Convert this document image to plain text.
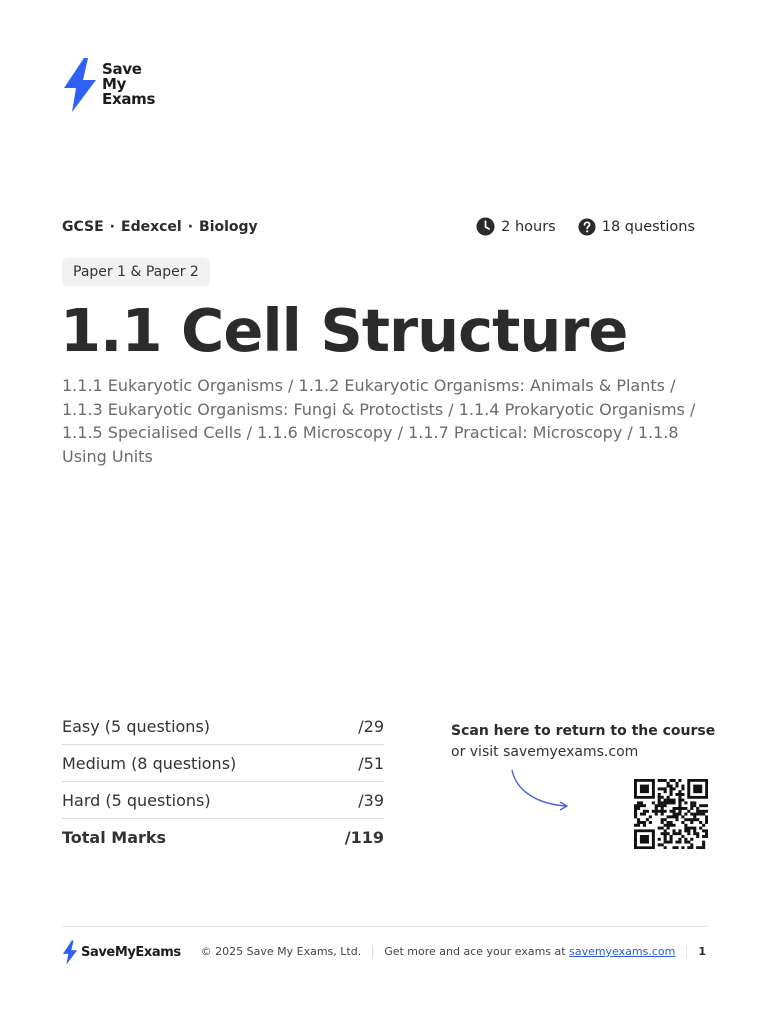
Save
My
Exams
GCSE · Edexcel · Biology	2 hours	18 questions
Paper 1 & Paper 2
1.1 Cell Structure
1.1.1 Eukaryotic Organisms / 1.1.2 Eukaryotic Organisms: Animals & Plants / 1.1.3 Eukaryotic Organisms: Fungi & Protoctists / 1.1.4 Prokaryotic Organisms / 1.1.5 Specialised Cells / 1.1.6 Microscopy / 1.1.7 Practical: Microscopy / 1.1.8 Using Units
Easy (5 questions)	/29
Medium (8 questions)	/51
Hard (5 questions)	/39
Total Marks	/119
Scan here to return to the course
or visit savemyexams.com
SaveMyExams © 2025 Save My Exams, Ltd. Get more and ace your exams at savemyexams.com 1
